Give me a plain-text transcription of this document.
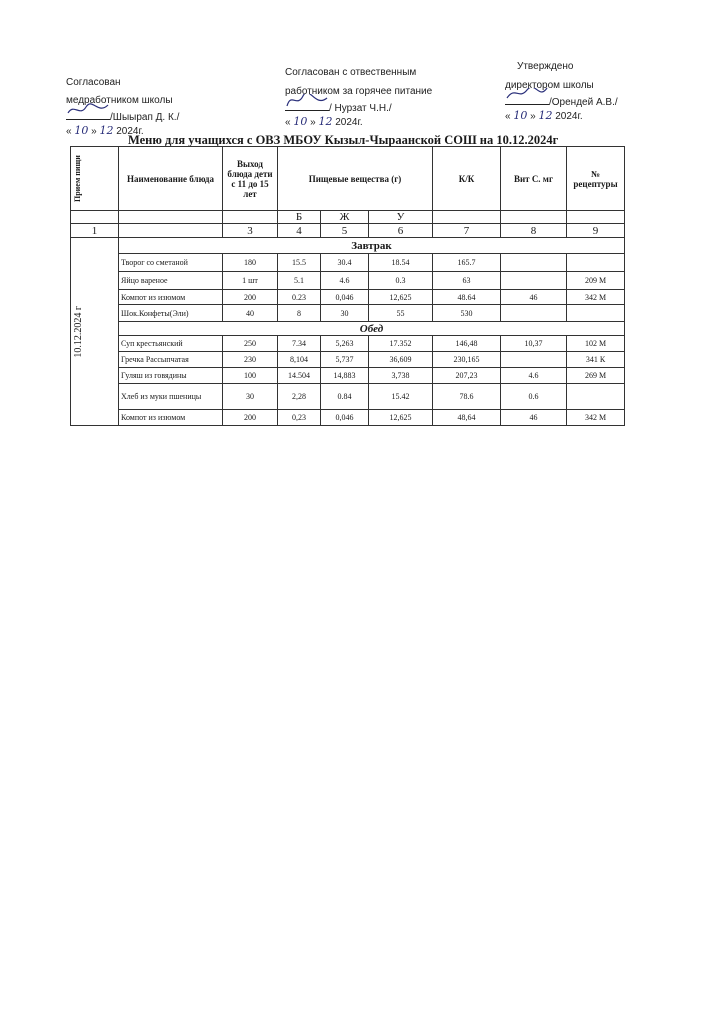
Согласован
медработником школы
/Шыырап Д. К./
« 10 » 12 2024г.
Согласован с отвественным
работником за горячее питание
/ Нурзат Ч.Н./
« 10 » 12 2024г.
Утверждено
директором школы
/Орендей А.В./
« 10 » 12 2024г.
Меню для учащихся с ОВЗ МБОУ Кызыл-Чыраанской СОШ на 10.12.2024г
Прием пищи	Наименование блюда	Выход блюда дети с 11 до 15 лет	Пищевые вещества (г)			К/К	Вит С. мг	№ рецептуры
			Б	Ж	У			
1		3	4	5	6	7	8	9

10.12.2024 г	Завтрак							
	Творог со сметаной	180	15.5	30.4	18.54	165.7		
	Яйцо вареное	1 шт	5.1	4.6	0.3	63		209 М
	Компот из изюмом	200	0.23	0,046	12,625	48.64	46	342 М
	Шок.Конфеты(Эли)	40	8	30	55	530		
	Обед							
	Суп крестьянский	250	7.34	5,263	17.352	146,48	10,37	102 М
	Гречка Рассыпчатая	230	8,104	5,737	36,609	230,165		341 К
	Гуляш из говядины	100	14.504	14,883	3,738	207,23	4.6	269 М
	Хлеб из муки пшеницы	30	2,28	0.84	15.42	78.6	0.6	
	Компот из изюмом	200	0,23	0,046	12,625	48,64	46	342 М
